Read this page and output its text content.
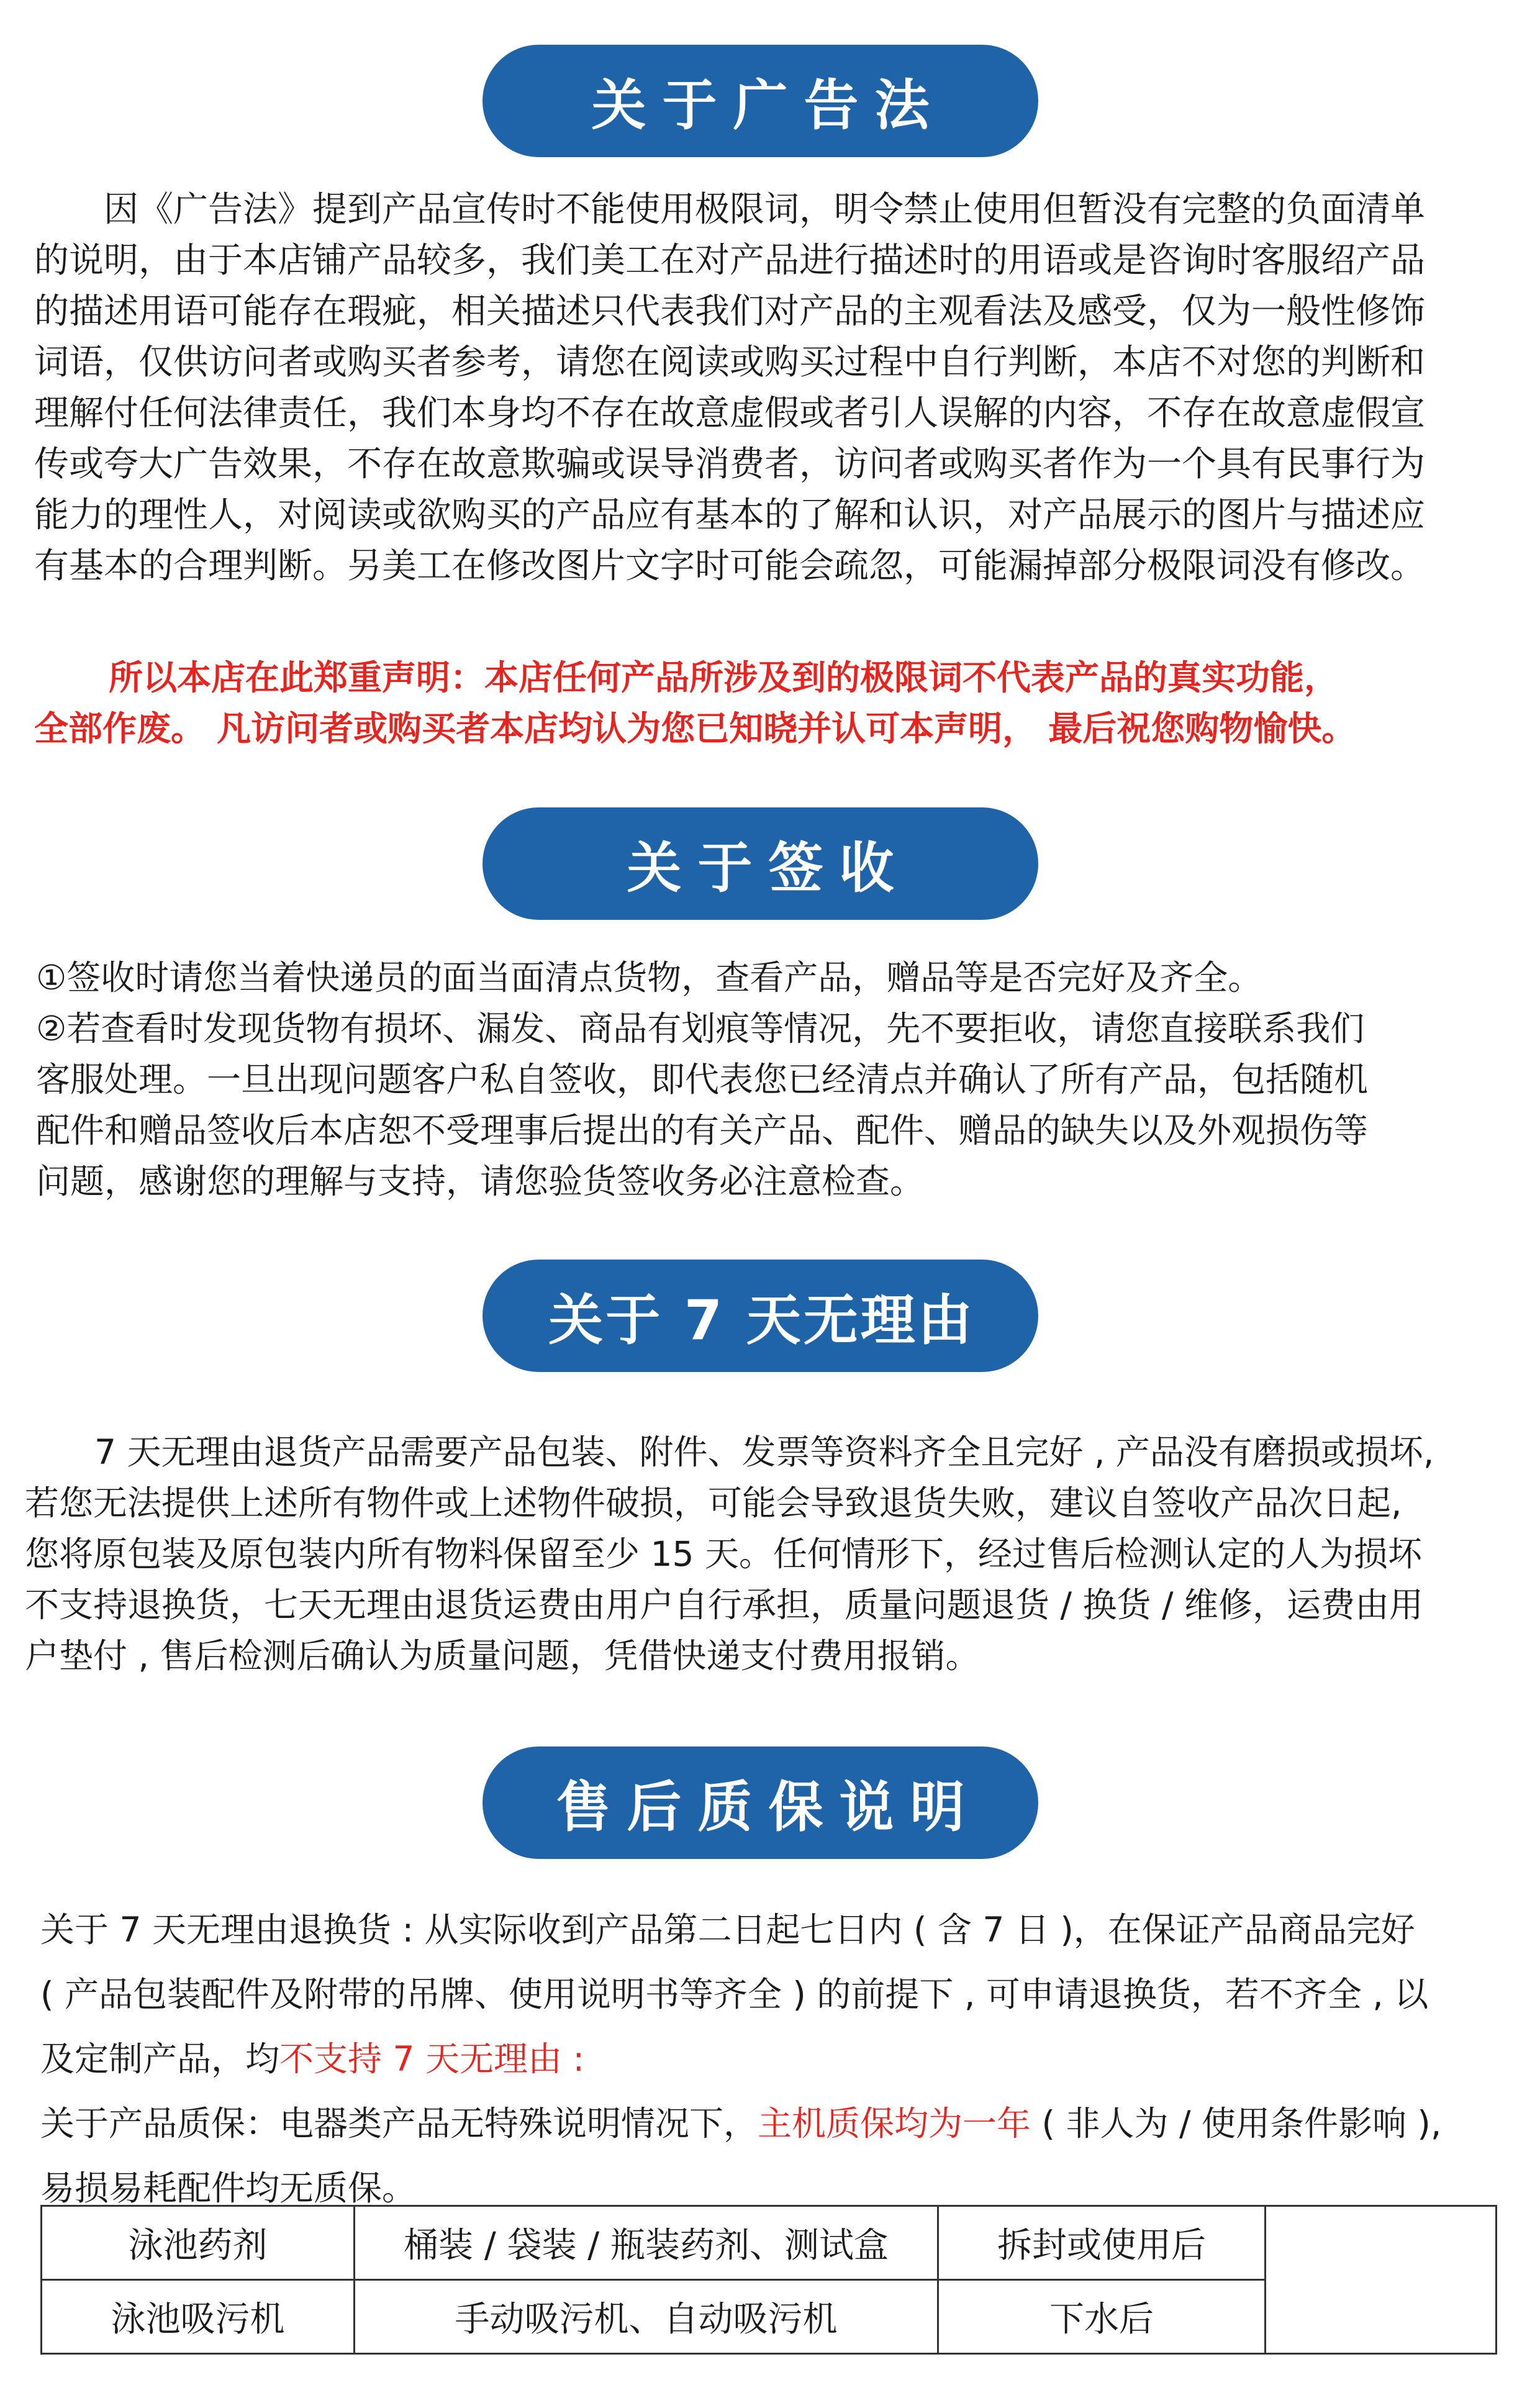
关于广告法

因《广告法》提到产品宣传时不能使用极限词，明令禁止使用但暂没有完整的负面清单
的说明，由于本店铺产品较多，我们美工在对产品进行描述时的用语或是咨询时客服绍产品
的描述用语可能存在瑕疵，相关描述只代表我们对产品的主观看法及感受，仅为一般性修饰
词语，仅供访问者或购买者参考，请您在阅读或购买过程中自行判断，本店不对您的判断和
理解付任何法律责任，我们本身均不存在故意虚假或者引人误解的内容，不存在故意虚假宣
传或夸大广告效果，不存在故意欺骗或误导消费者，访问者或购买者作为一个具有民事行为
能力的理性人，对阅读或欲购买的产品应有基本的了解和认识，对产品展示的图片与描述应
有基本的合理判断。另美工在修改图片文字时可能会疏忽，可能漏掉部分极限词没有修改。

所以本店在此郑重声明：本店任何产品所涉及到的极限词不代表产品的真实功能，
全部作废。 凡访问者或购买者本店均认为您已知晓并认可本声明， 最后祝您购物愉快。

关于签收

①签收时请您当着快递员的面当面清点货物，查看产品，赠品等是否完好及齐全。
②若查看时发现货物有损坏、漏发、商品有划痕等情况，先不要拒收，请您直接联系我们
客服处理。一旦出现问题客户私自签收，即代表您已经清点并确认了所有产品，包括随机
配件和赠品签收后本店恕不受理事后提出的有关产品、配件、赠品的缺失以及外观损伤等
问题，感谢您的理解与支持，请您验货签收务必注意检查。

关于 7 天无理由

7 天无理由退货产品需要产品包装、附件、发票等资料齐全且完好 , 产品没有磨损或损坏,
若您无法提供上述所有物件或上述物件破损，可能会导致退货失败，建议自签收产品次日起,
您将原包装及原包装内所有物料保留至少 15 天。任何情形下，经过售后检测认定的人为损坏
不支持退换货，七天无理由退货运费由用户自行承担，质量问题退货 / 换货 / 维修，运费由用
户垫付 , 售后检测后确认为质量问题，凭借快递支付费用报销。

售后质保说明

关于 7 天无理由退换货 : 从实际收到产品第二日起七日内 ( 含 7 日 )，在保证产品商品完好
( 产品包装配件及附带的吊牌、使用说明书等齐全 ) 的前提下 , 可申请退换货，若不齐全 , 以
及定制产品，均不支持 7 天无理由 :
关于产品质保：电器类产品无特殊说明情况下，主机质保均为一年 ( 非人为 / 使用条件影响 ),
易损易耗配件均无质保。

泳池药剂	桶装 / 袋装 / 瓶装药剂、测试盒	拆封或使用后	
泳池吸污机	手动吸污机、自动吸污机	下水后	
